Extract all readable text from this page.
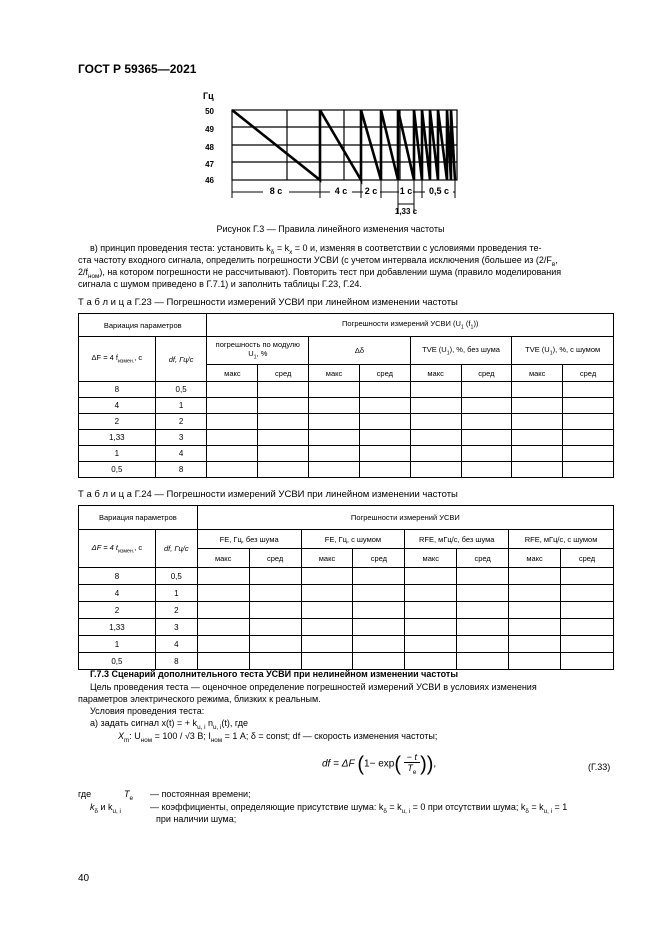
ГОСТ Р 59365—2021
Гц
50
49
48
47
46
8 с	4 с 2 с 1 с 0,5 с
1,33 с
Рисунок Г.3 — Правила линейного изменения частоты
в) принцип проведения теста: установить $k_\delta = k_x = 0$ и, изменяя в соответствии с условиями проведения те-
ста частоту входного сигнала, определить погрешности УСВИ (с учетом интервала исключения (большее из ($2/F_в$,
$2/f_{ном}$), на котором погрешности не рассчитывают). Повторить тест при добавлении шума (правило моделирования
сигнала с шумом приведено в Г.7.1) и заполнить таблицы Г.23, Г.24.
Т а б л и ц а Г.23 — Погрешности измерений УСВИ при линейном изменении частоты
Вариация параметров		Погрешности измерений УСВИ ($U_1$ $(f_1)$)							
ΔF = 4 $f_{измен.}$, c	df, Гц/с	погрешность по модулю $U_1$, %		Δδ		TVE $(U_1)$, %, без шума		TVE $(U_1)$, %, с шумом	
		макс	сред	макс	сред	макс	сред	макс	сред
8	0,5								
4	1								
2	2								
1,33	3								
1	4								
0,5	8								
Т а б л и ц а Г.24 — Погрешности измерений УСВИ при линейном изменении частоты
Вариация параметров		Погрешности измерений УСВИ							
ΔF = 4 $t_{измен.}$, c	df, Гц/с	FE, Гц, без шума		FE, Гц, с шумом		RFE, мГц/с, без шума		RFE, мГц/с, с шумом	
		макс	сред	макс	сред	макс	сред	макс	сред
8	0,5								
4	1								
2	2								
1,33	3								
1	4								
0,5	8								
Г.7.3 Сценарий дополнительного теста УСВИ при нелинейном изменении частоты
Цель проведения теста — оценочное определение погрешностей измерений УСВИ в условиях изменения
параметров электрического режима, близких к реальным.
Условия проведения теста:
а) задать сигнал x(t) = + $k_{u, i}$ $n_{u, i}(t)$, где
$X_m$: $U_{ном} = 100 / √3$ В; $I_{ном} = 1$ А; δ = const; df — скорость изменения частоты;
df = ΔF ($1- \exp( \frac{- t}{T_e}$ )),	(Г.33)
где	$T_e$ — постоянная времени;
$k_\delta$ и $k_{u, i}$	— коэффициенты, определяющие присутствие шума: $k_\delta = k_{u, i} = 0$ при отсутствии шума; $k_\delta = k_{u, i} = 1$
при наличии шума;
40
